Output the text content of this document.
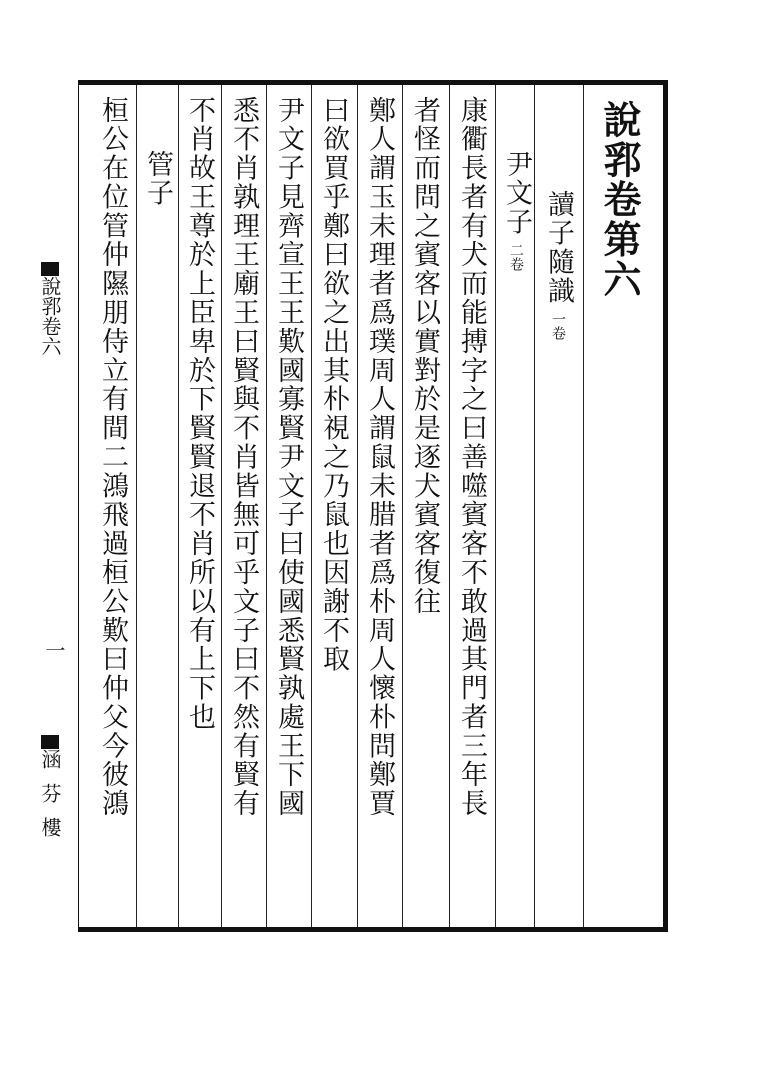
說郛卷第六
讀子隨識一卷
尹文子二卷
康衢長者有犬而能搏字之曰善噬賓客不敢過其門者三年長
者怪而問之賓客以實對於是逐犬賓客復往
鄭人謂玉未理者爲璞周人謂鼠未腊者爲朴周人懷朴問鄭賈
曰欲買乎鄭曰欲之出其朴視之乃鼠也因謝不取
尹文子見齊宣王王歎國寡賢尹文子曰使國悉賢孰處王下國
悉不肖孰理王廟王曰賢與不肖皆無可乎文子曰不然有賢有
不肖故王尊於上臣卑於下賢賢退不肖所以有上下也
管子
桓公在位管仲隰朋侍立有間二鴻飛過桓公歎曰仲父今彼鴻
說郛卷六
一
涵芬樓
